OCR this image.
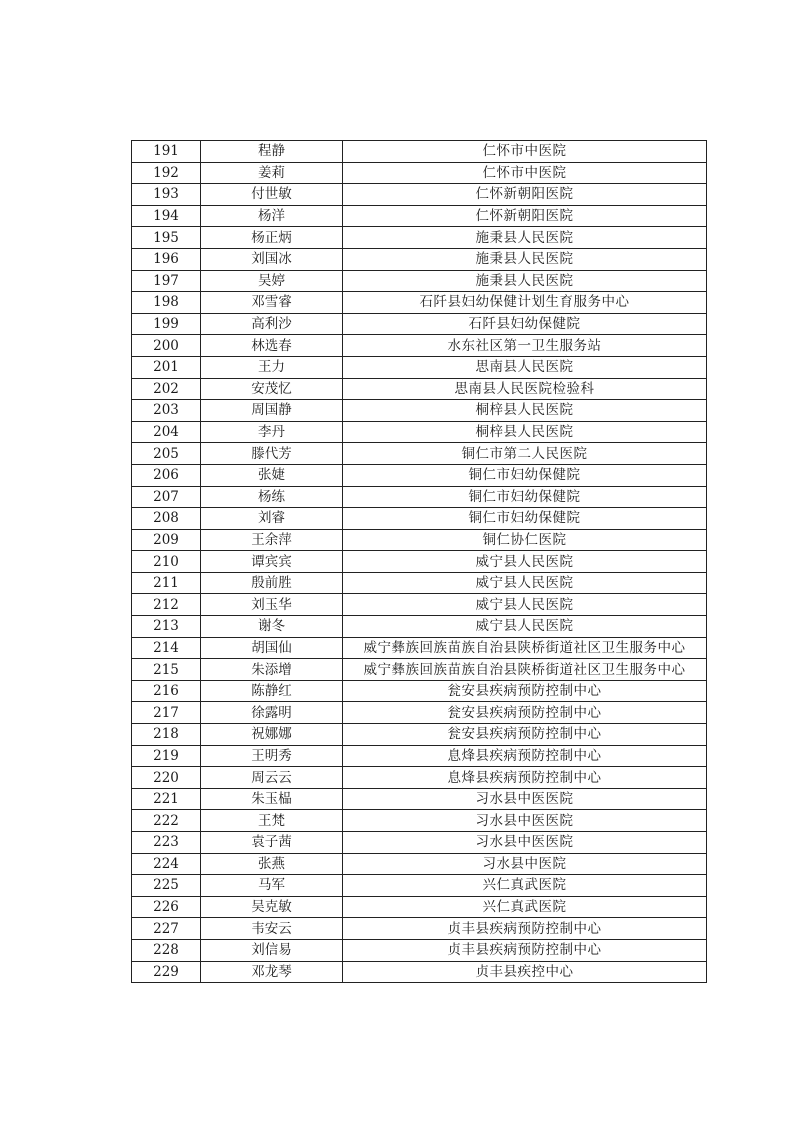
191	程静	仁怀市中医院
192	姜莉	仁怀市中医院
193	付世敏	仁怀新朝阳医院
194	杨洋	仁怀新朝阳医院
195	杨正炳	施秉县人民医院
196	刘国冰	施秉县人民医院
197	吴婷	施秉县人民医院
198	邓雪睿	石阡县妇幼保健计划生育服务中心
199	高利沙	石阡县妇幼保健院
200	林选春	水东社区第一卫生服务站
201	王力	思南县人民医院
202	安茂忆	思南县人民医院检验科
203	周国静	桐梓县人民医院
204	李丹	桐梓县人民医院
205	滕代芳	铜仁市第二人民医院
206	张婕	铜仁市妇幼保健院
207	杨练	铜仁市妇幼保健院
208	刘睿	铜仁市妇幼保健院
209	王余萍	铜仁协仁医院
210	谭宾宾	威宁县人民医院
211	殷前胜	威宁县人民医院
212	刘玉华	威宁县人民医院
213	谢冬	威宁县人民医院
214	胡国仙	威宁彝族回族苗族自治县陕桥街道社区卫生服务中心
215	朱添增	威宁彝族回族苗族自治县陕桥街道社区卫生服务中心
216	陈静红	瓮安县疾病预防控制中心
217	徐露明	瓮安县疾病预防控制中心
218	祝娜娜	瓮安县疾病预防控制中心
219	王明秀	息烽县疾病预防控制中心
220	周云云	息烽县疾病预防控制中心
221	朱玉榀	习水县中医医院
222	王梵	习水县中医医院
223	袁子茜	习水县中医医院
224	张燕	习水县中医院
225	马军	兴仁真武医院
226	吴克敏	兴仁真武医院
227	韦安云	贞丰县疾病预防控制中心
228	刘信易	贞丰县疾病预防控制中心
229	邓龙琴	贞丰县疾控中心
